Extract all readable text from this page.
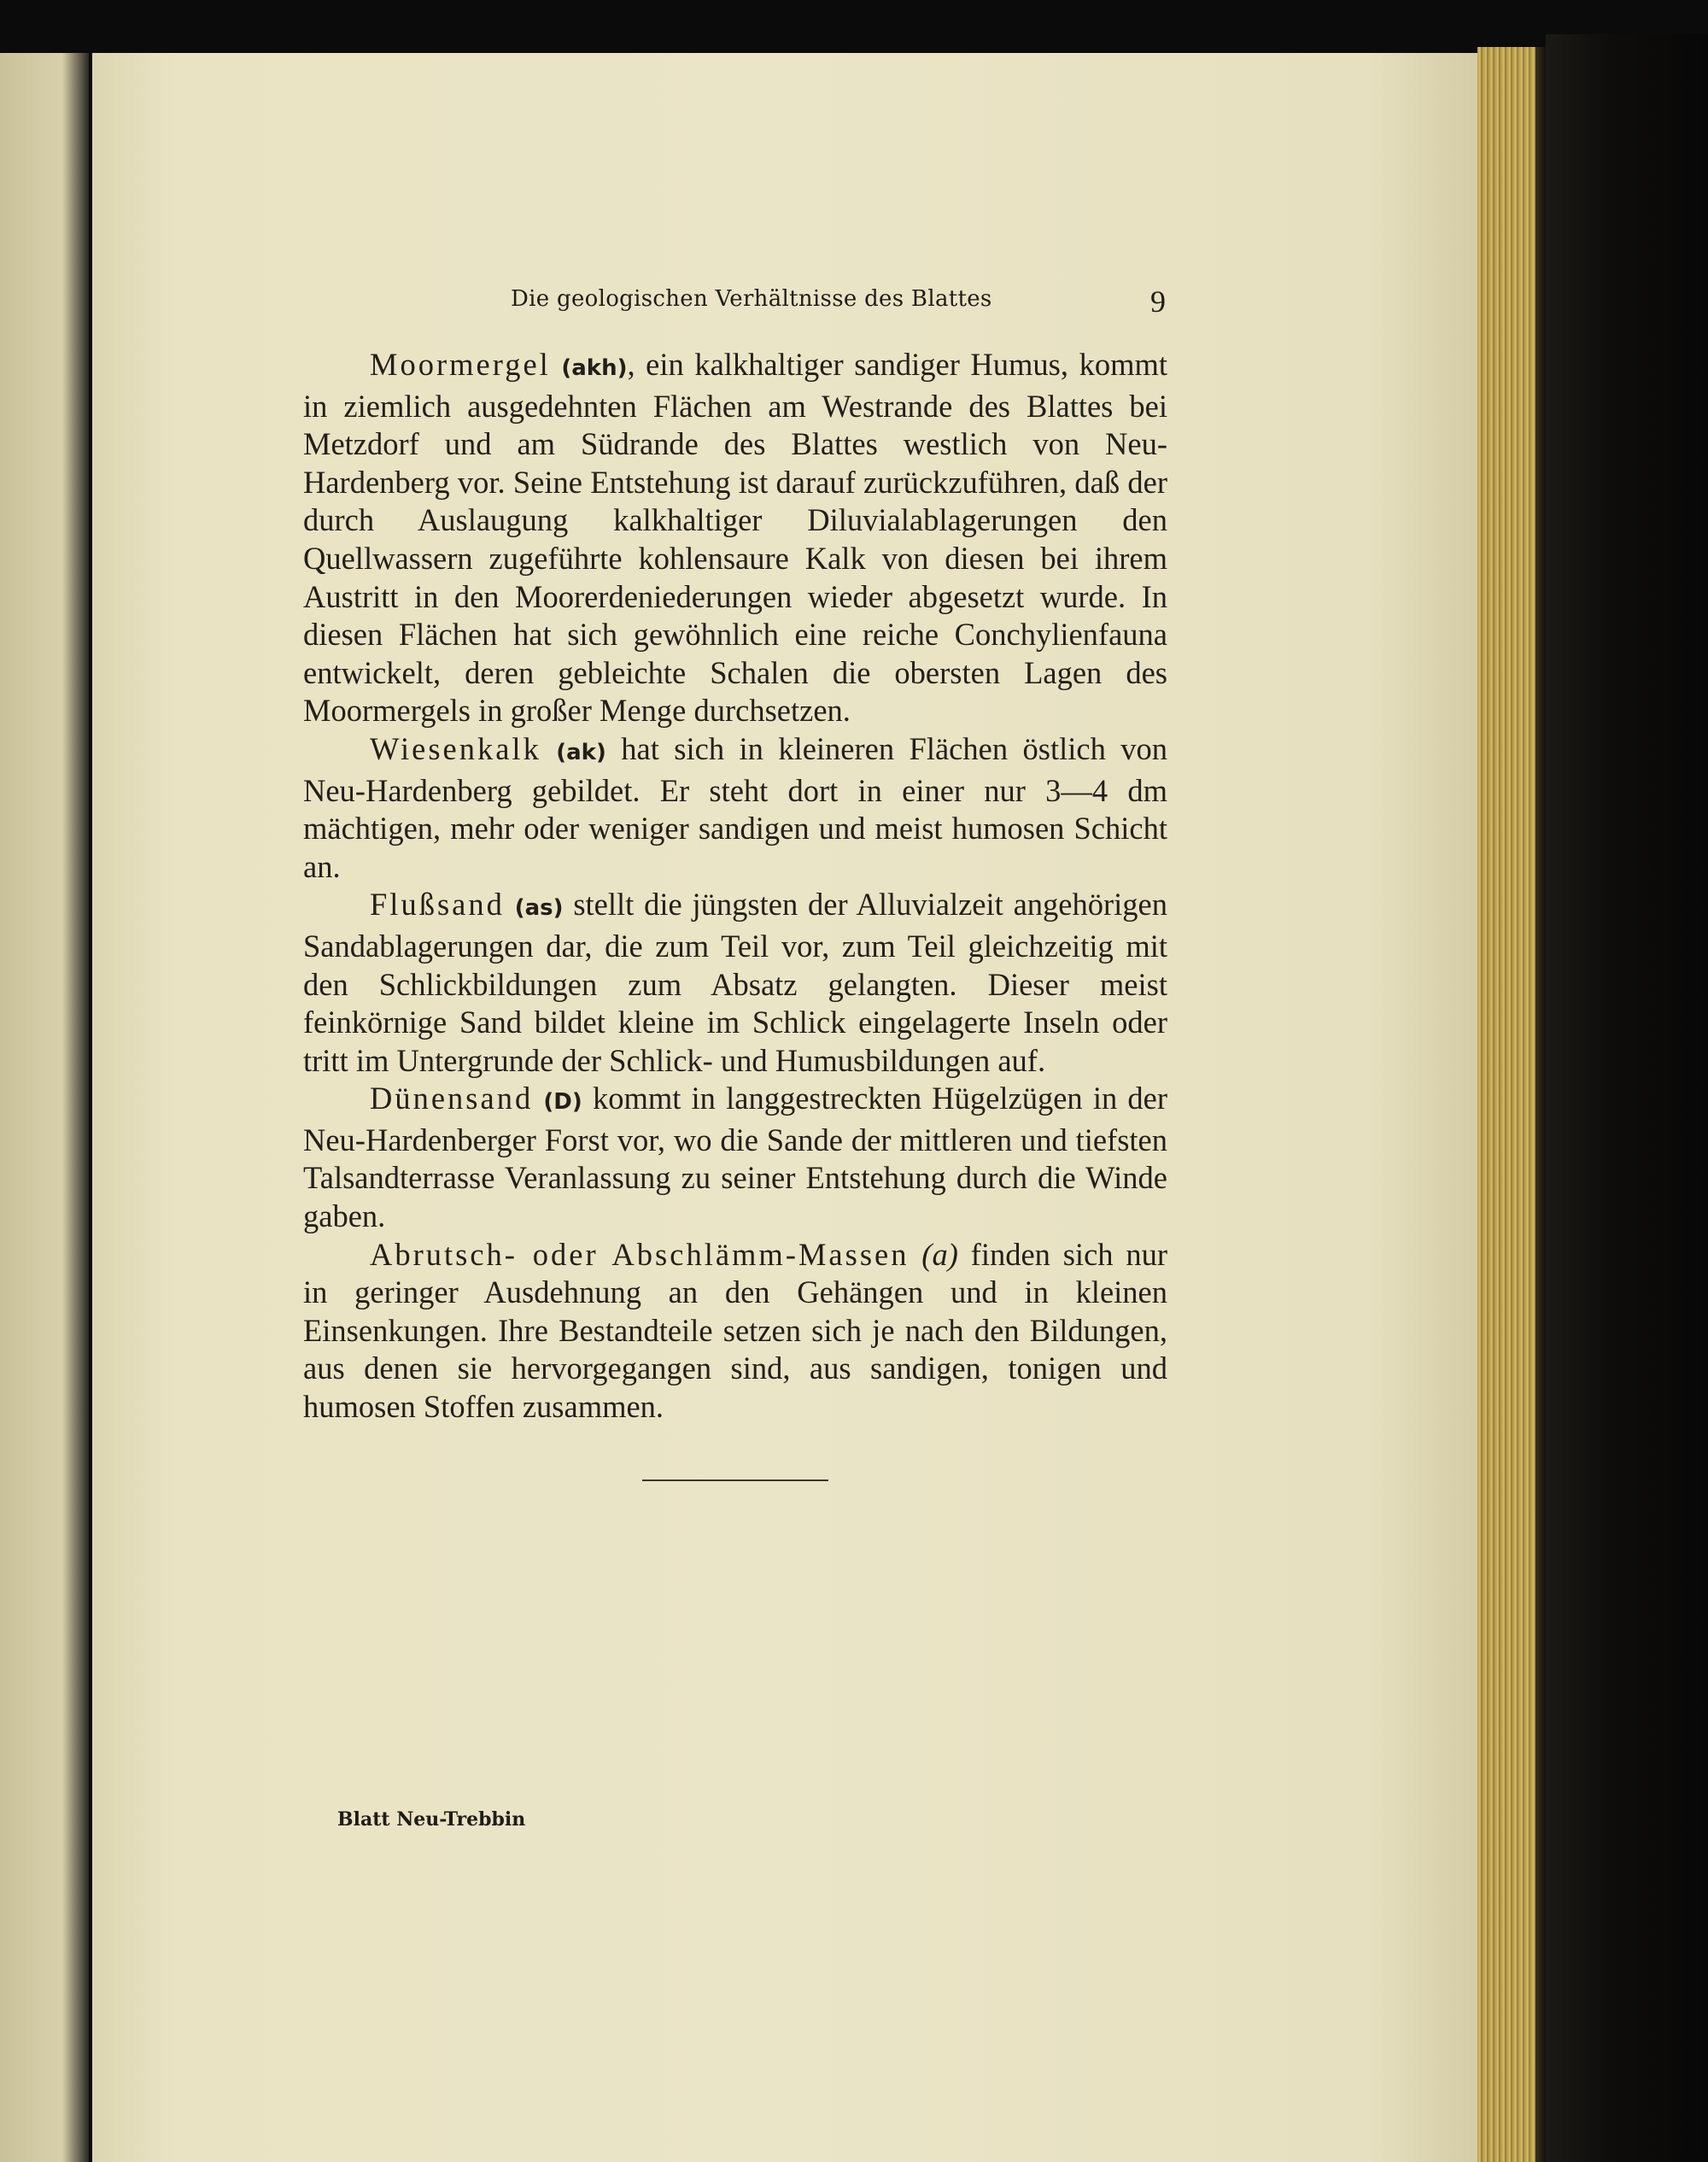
Die geologischen Verhältnisse des Blattes	9

Moormergel (akh), ein kalkhaltiger sandiger Humus, kommt in ziemlich ausgedehnten Flächen am Westrande des Blattes bei Metzdorf und am Südrande des Blattes westlich von Neu-Hardenberg vor. Seine Entstehung ist darauf zurückzuführen, daß der durch Auslaugung kalkhaltiger Diluvialablagerungen den Quellwassern zugeführte kohlensaure Kalk von diesen bei ihrem Austritt in den Moorerdeniederungen wieder abgesetzt wurde. In diesen Flächen hat sich gewöhnlich eine reiche Conchylienfauna entwickelt, deren gebleichte Schalen die obersten Lagen des Moormergels in großer Menge durchsetzen.

Wiesenkalk (ak) hat sich in kleineren Flächen östlich von Neu-Hardenberg gebildet. Er steht dort in einer nur 3—4 dm mächtigen, mehr oder weniger sandigen und meist humosen Schicht an.

Flußsand (as) stellt die jüngsten der Alluvialzeit angehörigen Sandablagerungen dar, die zum Teil vor, zum Teil gleichzeitig mit den Schlickbildungen zum Absatz gelangten. Dieser meist feinkörnige Sand bildet kleine im Schlick eingelagerte Inseln oder tritt im Untergrunde der Schlick- und Humusbildungen auf.

Dünensand (D) kommt in langgestreckten Hügelzügen in der Neu-Hardenberger Forst vor, wo die Sande der mittleren und tiefsten Talsandterrasse Veranlassung zu seiner Entstehung durch die Winde gaben.

Abrutsch- oder Abschlämm-Massen (a) finden sich nur in geringer Ausdehnung an den Gehängen und in kleinen Einsenkungen. Ihre Bestandteile setzen sich je nach den Bildungen, aus denen sie hervorgegangen sind, aus sandigen, tonigen und humosen Stoffen zusammen.

Blatt Neu-Trebbin
